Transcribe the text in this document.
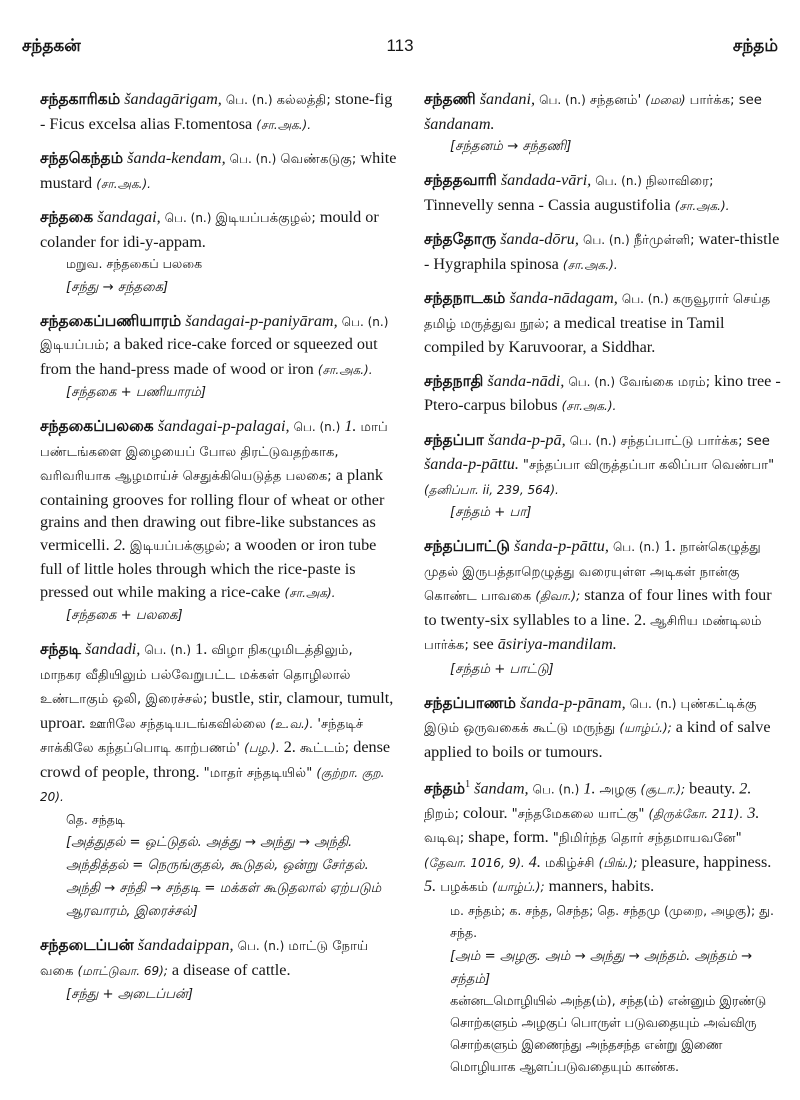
சந்தகன்	113	சந்தம்

சந்தகாரிகம் šandagārigam, பெ. (n.) கல்லத்தி; stone-fig - Ficus excelsa alias F.tomentosa (சா.அக.).

சந்தகெந்தம் šanda-kendam, பெ. (n.) வெண்கடுகு; white mustard (சா.அக.).

சந்தகை šandagai, பெ. (n.) இடியப்பக்குழல்; mould or colander for idi-y-appam.

மறுவ. சந்தகைப் பலகை

[சந்து → சந்தகை]

சந்தகைப்பணியாரம் šandagai-p-paniyāram, பெ. (n.) இடியப்பம்; a baked rice-cake forced or squeezed out from the hand-press made of wood or iron (சா.அக.).

[சந்தகை + பணியாரம்]

சந்தகைப்பலகை šandagai-p-palagai, பெ. (n.) 1. மாப் பண்டங்களை இழையைப் போல திரட்டுவதற்காக, வரிவரியாக ஆழமாய்ச் செதுக்கியெடுத்த பலகை; a plank containing grooves for rolling flour of wheat or other grains and then drawing out fibre-like substances as vermicelli. 2. இடியப்பக்குழல்; a wooden or iron tube full of little holes through which the rice-paste is pressed out while making a rice-cake (சா.அக).

[சந்தகை + பலகை]

சந்தடி šandadi, பெ. (n.) 1. விழா நிகழுமிடத்திலும், மாநகர வீதியிலும் பல்வேறுபட்ட மக்கள் தொழிலால் உண்டாகும் ஒலி, இரைச்சல்; bustle, stir, clamour, tumult, uproar. ஊரிலே சந்தடியடங்கவில்லை (உ.வ.). 'சந்தடிச் சாக்கிலே கந்தப்பொடி காற்பணம்' (பழ.). 2. கூட்டம்; dense crowd of people, throng. "மாதர் சந்தடியில்" (குற்றா. குற. 20).

தெ. சந்தடி

[அத்துதல் = ஒட்டுதல். அத்து → அந்து → அந்தி. அந்தித்தல் = நெருங்குதல், கூடுதல், ஒன்று சேர்தல். அந்தி → சந்தி → சந்தடி = மக்கள் கூடுதலால் ஏற்படும் ஆரவாரம், இரைச்சல்]

சந்தடைப்பன் šandadaippan, பெ. (n.) மாட்டு நோய் வகை (மாட்டுவா. 69); a disease of cattle.

[சந்து + அடைப்பன்]

சந்தணி šandani, பெ. (n.) சந்தனம்' (மலை) பார்க்க; see šandanam.

[சந்தனம் → சந்தணி]

சந்ததவாரி šandada-vāri, பெ. (n.) நிலாவிரை; Tinnevelly senna - Cassia augustifolia (சா.அக.).

சந்ததோரு šanda-dōru, பெ. (n.) நீர்முள்ளி; water-thistle - Hygraphila spinosa (சா.அக.).

சந்தநாடகம் šanda-nādagam, பெ. (n.) கருவூரார் செய்த தமிழ் மருத்துவ நூல்; a medical treatise in Tamil compiled by Karuvoorar, a Siddhar.

சந்தநாதி šanda-nādi, பெ. (n.) வேங்கை மரம்; kino tree - Ptero-carpus bilobus (சா.அக.).

சந்தப்பா šanda-p-pā, பெ. (n.) சந்தப்பாட்டு பார்க்க; see šanda-p-pāttu. "சந்தப்பா விருத்தப்பா கலிப்பா வெண்பா" (தனிப்பா. ii, 239, 564).

[சந்தம் + பா]

சந்தப்பாட்டு šanda-p-pāttu, பெ. (n.) 1. நான்கெழுத்து முதல் இருபத்தாறெழுத்து வரையுள்ள அடிகள் நான்கு கொண்ட பாவகை (திவா.); stanza of four lines with four to twenty-six syllables to a line. 2. ஆசிரிய மண்டிலம் பார்க்க; see āsiriya-mandilam.

[சந்தம் + பாட்டு]

சந்தப்பாணம் šanda-p-pānam, பெ. (n.) புண்கட்டிக்கு இடும் ஒருவகைக் கூட்டு மருந்து (யாழ்ப்.); a kind of salve applied to boils or tumours.

சந்தம்$^1$ šandam, பெ. (n.) 1. அழகு (சூடா.); beauty. 2. நிறம்; colour. "சந்தமேகலை யாட்கு" (திருக்கோ. 211). 3. வடிவு; shape, form. "நிமிர்ந்த தொர் சந்தமாயவனே" (தேவா. 1016, 9). 4. மகிழ்ச்சி (பிங்.); pleasure, happiness. 5. பழக்கம் (யாழ்ப்.); manners, habits.

ம. சந்தம்; க. சந்த, செந்த; தெ. சந்தமு (முறை, அழகு); து. சந்த.

[அம் = அழகு. அம் → அந்து → அந்தம். அந்தம் → சந்தம்]

கன்னடமொழியில் அந்த(ம்), சந்த(ம்) என்னும் இரண்டு சொற்களும் அழகுப் பொருள் படுவதையும் அவ்விரு சொற்களும் இணைந்து அந்தசந்த என்று இணை மொழியாக ஆளப்படுவதையும் காண்க.
